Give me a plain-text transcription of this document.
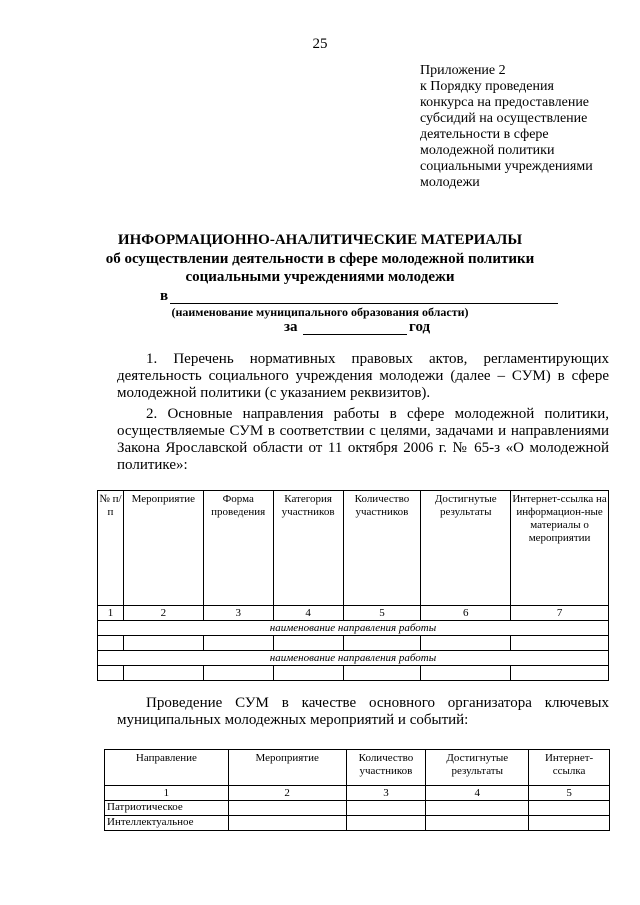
25
Приложение 2
к Порядку проведения
конкурса на предоставление
субсидий на осуществление
деятельности в сфере
молодежной политики
социальными учреждениями
молодежи
ИНФОРМАЦИОННО-АНАЛИТИЧЕСКИЕ МАТЕРИАЛЫ
об осуществлении деятельности в сфере молодежной политики
социальными учреждениями молодежи
в
(наименование муниципального образования области)
за	год
1. Перечень нормативных правовых актов, регламентирующих деятельность социального учреждения молодежи (далее – СУМ) в сфере молодежной политики (с указанием реквизитов).
2. Основные направления работы в сфере молодежной политики, осуществляемые СУМ в соответствии с целями, задачами и направлениями Закона Ярославской области от 11 октября 2006 г. № 65-з «О молодежной политике»:
№ п/п	Мероприятие	Форма проведения	Категория участников	Количество участников	Достигнутые результаты	Интернет-ссылка на информацион-ные материалы о мероприятии
1	2	3	4	5	6	7
наименование направления работы						

наименование направления работы						

Проведение СУМ в качестве основного организатора ключевых муниципальных молодежных мероприятий и событий:
Направление	Мероприятие	Количество участников	Достигнутые результаты	Интернет-ссылка
1	2	3	4	5
Патриотическое				
Интеллектуальное				
